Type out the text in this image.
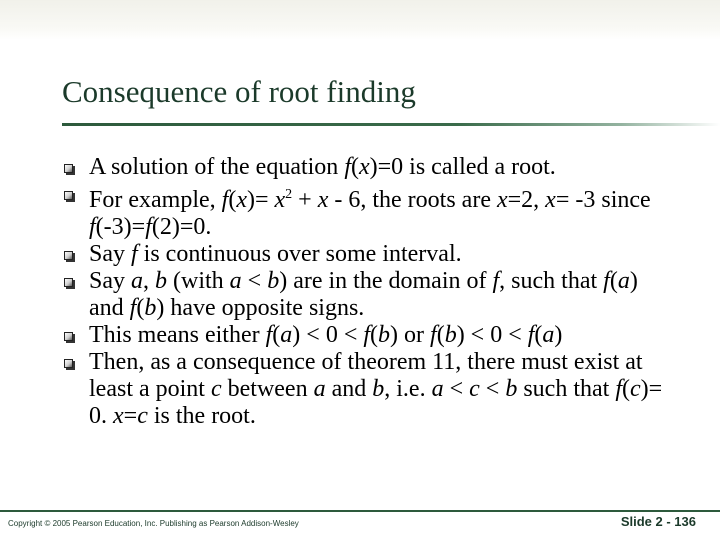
Consequence of root finding
A solution of the equation f(x)=0 is called a root.
For example, $f(x)= x^2 + x - 6$, the roots are x=2, x= -3 since  f(-3)=f(2)=0.
Say f is continuous over some interval.
Say a, b (with a < b) are in the domain of f, such that f(a) and f(b) have opposite signs.
This means either f(a) < 0 < f(b) or f(b) < 0 < f(a)
Then, as a consequence of theorem 11, there must exist at least a point c between a and b, i.e. a < c < b such that f(c)= 0. x=c is the root.
Copyright © 2005 Pearson Education, Inc. Publishing as Pearson Addison-Wesley	Slide 2 - 136
